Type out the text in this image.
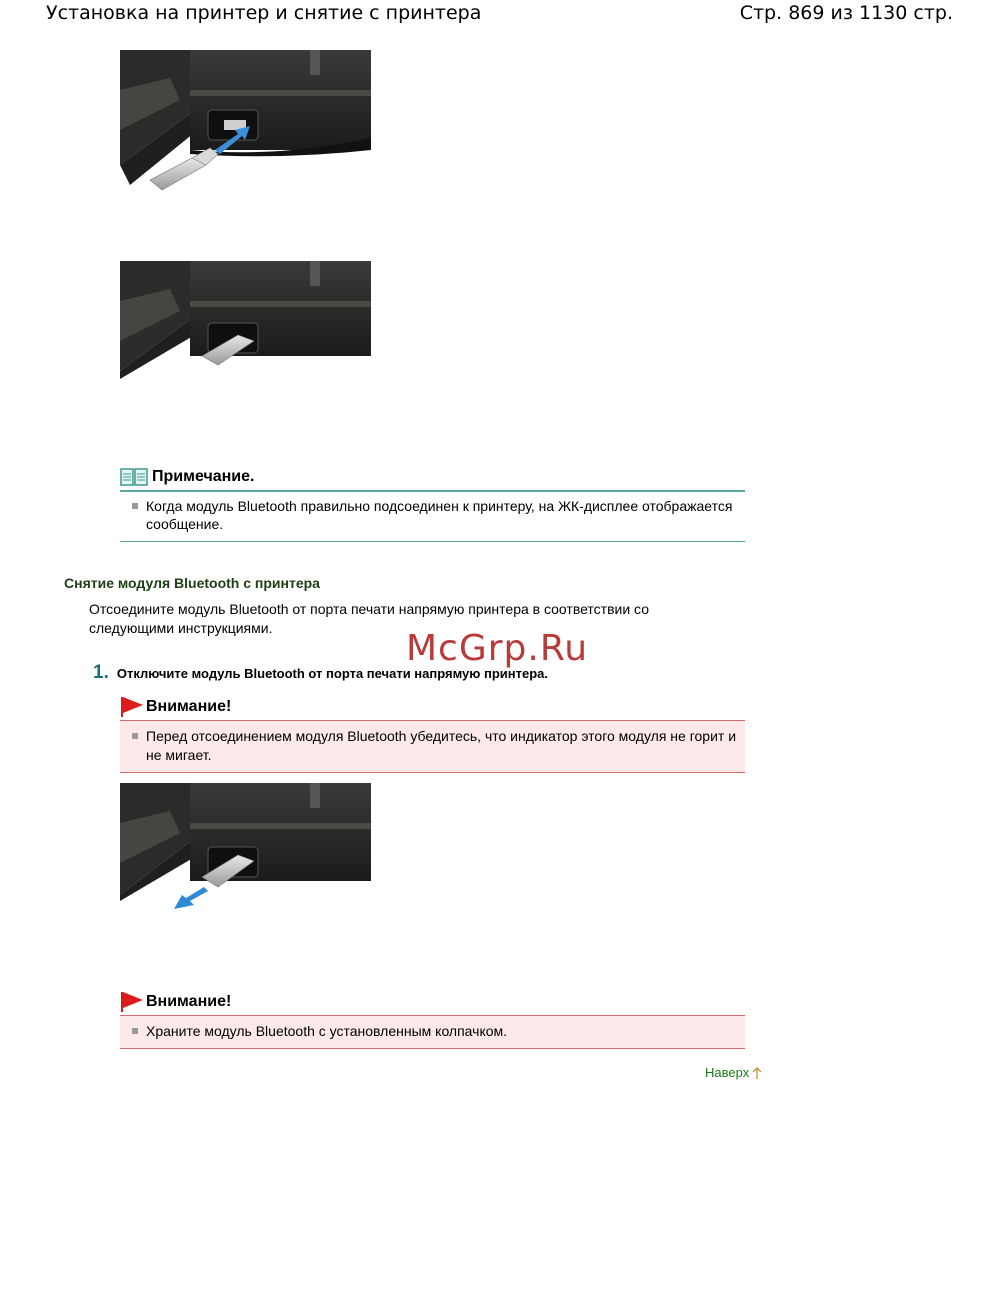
Установка на принтер и снятие с принтера	Стр. 869 из 1130 стр.
Примечание.
Когда модуль Bluetooth правильно подсоединен к принтеру, на ЖК-дисплее отображается сообщение.
Снятие модуля Bluetooth с принтера
Отсоедините модуль Bluetooth от порта печати напрямую принтера в соответствии со следующими инструкциями.	McGrp.Ru
1. Отключите модуль Bluetooth от порта печати напрямую принтера.
Внимание!
Перед отсоединением модуля Bluetooth убедитесь, что индикатор этого модуля не горит и не мигает.
Внимание!
Храните модуль Bluetooth с установленным колпачком.
Наверх
